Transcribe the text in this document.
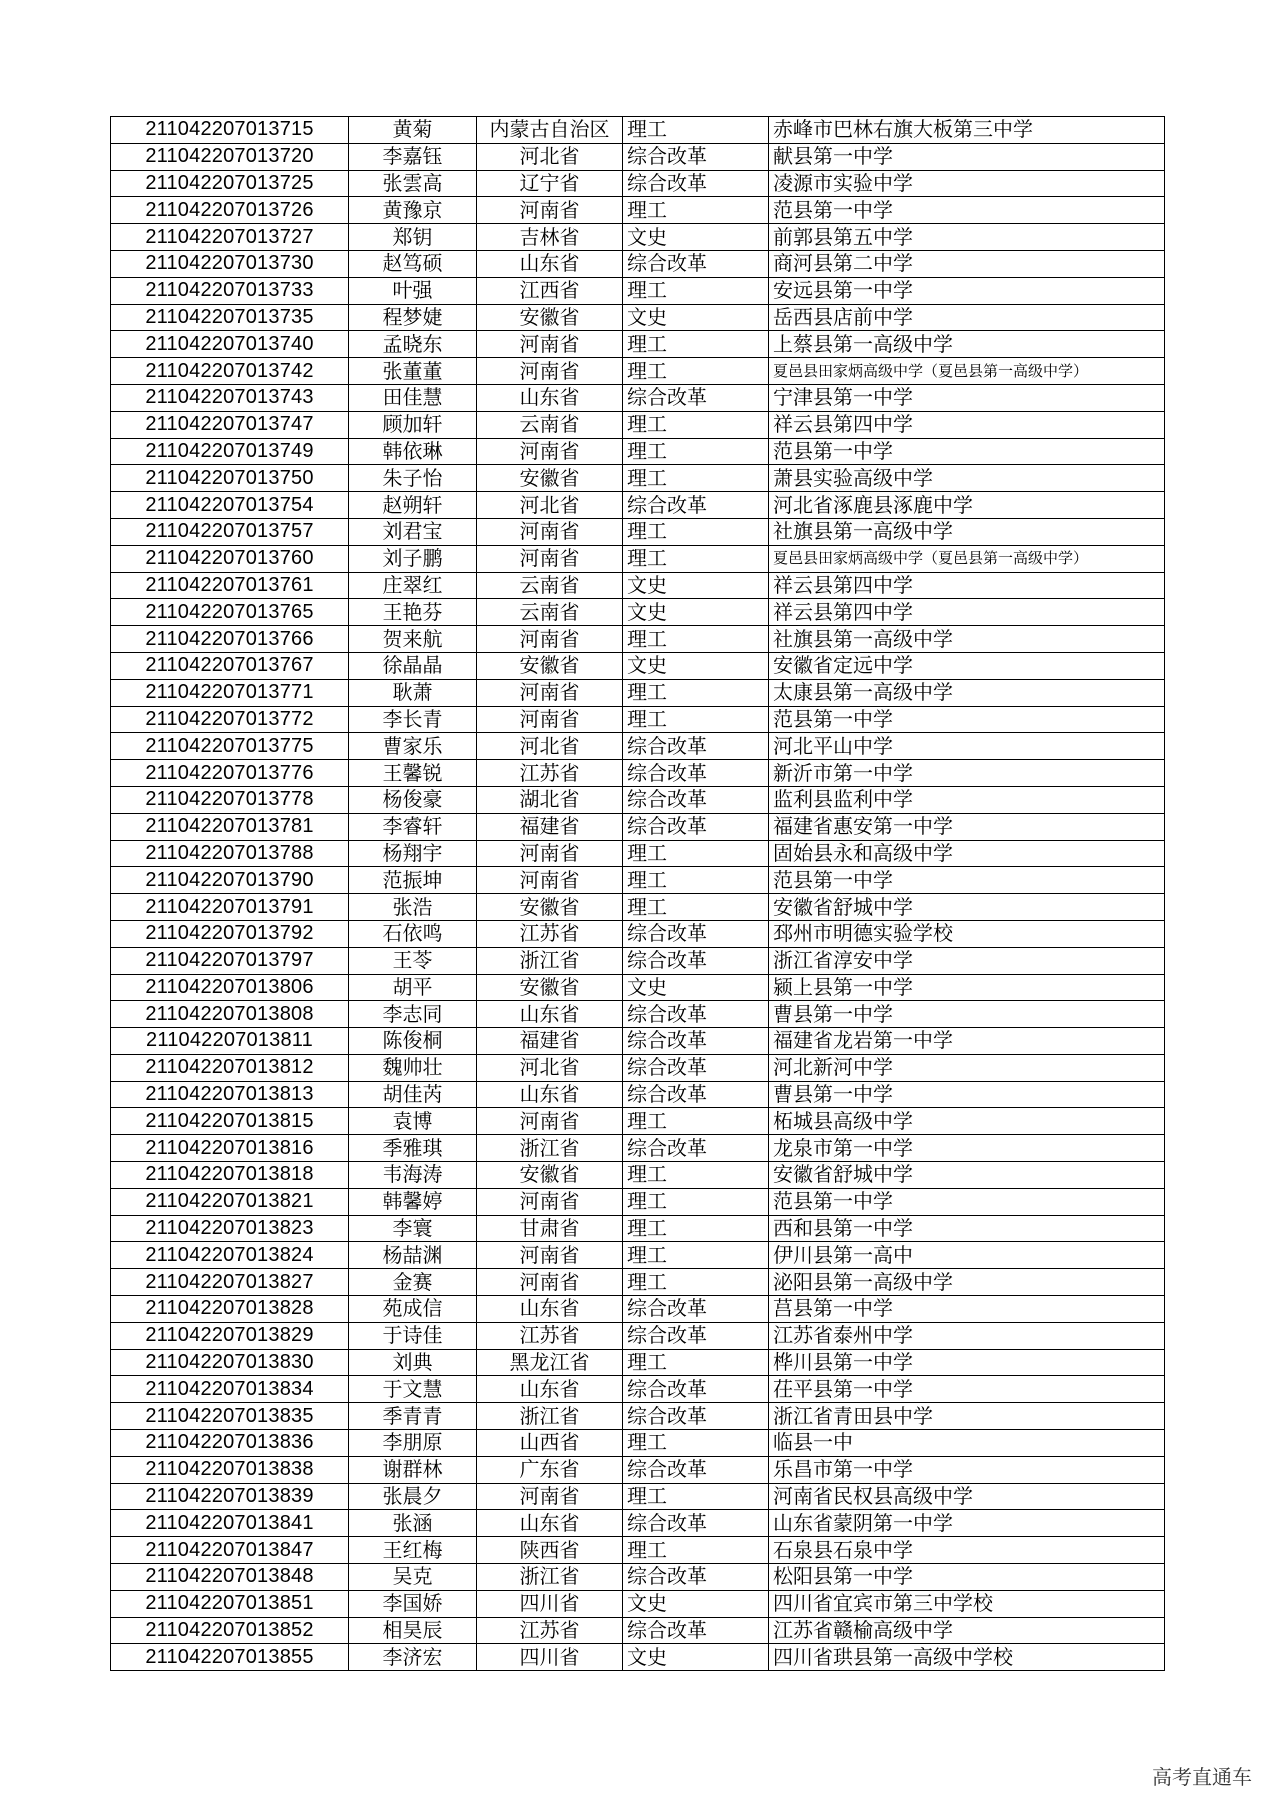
211042207013715	黄菊	内蒙古自治区	理工	赤峰市巴林右旗大板第三中学
211042207013720	李嘉钰	河北省	综合改革	献县第一中学
211042207013725	张雲高	辽宁省	综合改革	凌源市实验中学
211042207013726	黄豫京	河南省	理工	范县第一中学
211042207013727	郑钥	吉林省	文史	前郭县第五中学
211042207013730	赵笃硕	山东省	综合改革	商河县第二中学
211042207013733	叶强	江西省	理工	安远县第一中学
211042207013735	程梦婕	安徽省	文史	岳西县店前中学
211042207013740	孟晓东	河南省	理工	上蔡县第一高级中学
211042207013742	张董董	河南省	理工	夏邑县田家炳高级中学（夏邑县第一高级中学）
211042207013743	田佳慧	山东省	综合改革	宁津县第一中学
211042207013747	顾加轩	云南省	理工	祥云县第四中学
211042207013749	韩依琳	河南省	理工	范县第一中学
211042207013750	朱子怡	安徽省	理工	萧县实验高级中学
211042207013754	赵朔轩	河北省	综合改革	河北省涿鹿县涿鹿中学
211042207013757	刘君宝	河南省	理工	社旗县第一高级中学
211042207013760	刘子鹏	河南省	理工	夏邑县田家炳高级中学（夏邑县第一高级中学）
211042207013761	庄翠红	云南省	文史	祥云县第四中学
211042207013765	王艳芬	云南省	文史	祥云县第四中学
211042207013766	贺来航	河南省	理工	社旗县第一高级中学
211042207013767	徐晶晶	安徽省	文史	安徽省定远中学
211042207013771	耿萧	河南省	理工	太康县第一高级中学
211042207013772	李长青	河南省	理工	范县第一中学
211042207013775	曹家乐	河北省	综合改革	河北平山中学
211042207013776	王馨锐	江苏省	综合改革	新沂市第一中学
211042207013778	杨俊豪	湖北省	综合改革	监利县监利中学
211042207013781	李睿轩	福建省	综合改革	福建省惠安第一中学
211042207013788	杨翔宇	河南省	理工	固始县永和高级中学
211042207013790	范振坤	河南省	理工	范县第一中学
211042207013791	张浩	安徽省	理工	安徽省舒城中学
211042207013792	石依鸣	江苏省	综合改革	邳州市明德实验学校
211042207013797	王苓	浙江省	综合改革	浙江省淳安中学
211042207013806	胡平	安徽省	文史	颍上县第一中学
211042207013808	李志同	山东省	综合改革	曹县第一中学
211042207013811	陈俊桐	福建省	综合改革	福建省龙岩第一中学
211042207013812	魏帅壮	河北省	综合改革	河北新河中学
211042207013813	胡佳芮	山东省	综合改革	曹县第一中学
211042207013815	袁博	河南省	理工	柘城县高级中学
211042207013816	季雅琪	浙江省	综合改革	龙泉市第一中学
211042207013818	韦海涛	安徽省	理工	安徽省舒城中学
211042207013821	韩馨婷	河南省	理工	范县第一中学
211042207013823	李寰	甘肃省	理工	西和县第一中学
211042207013824	杨喆渊	河南省	理工	伊川县第一高中
211042207013827	金赛	河南省	理工	泌阳县第一高级中学
211042207013828	苑成信	山东省	综合改革	莒县第一中学
211042207013829	于诗佳	江苏省	综合改革	江苏省泰州中学
211042207013830	刘典	黑龙江省	理工	桦川县第一中学
211042207013834	于文慧	山东省	综合改革	茌平县第一中学
211042207013835	季青青	浙江省	综合改革	浙江省青田县中学
211042207013836	李朋原	山西省	理工	临县一中
211042207013838	谢群林	广东省	综合改革	乐昌市第一中学
211042207013839	张晨夕	河南省	理工	河南省民权县高级中学
211042207013841	张涵	山东省	综合改革	山东省蒙阴第一中学
211042207013847	王红梅	陕西省	理工	石泉县石泉中学
211042207013848	吴克	浙江省	综合改革	松阳县第一中学
211042207013851	李国娇	四川省	文史	四川省宜宾市第三中学校
211042207013852	相昊辰	江苏省	综合改革	江苏省赣榆高级中学
211042207013855	李济宏	四川省	文史	四川省珙县第一高级中学校
高考直通车
